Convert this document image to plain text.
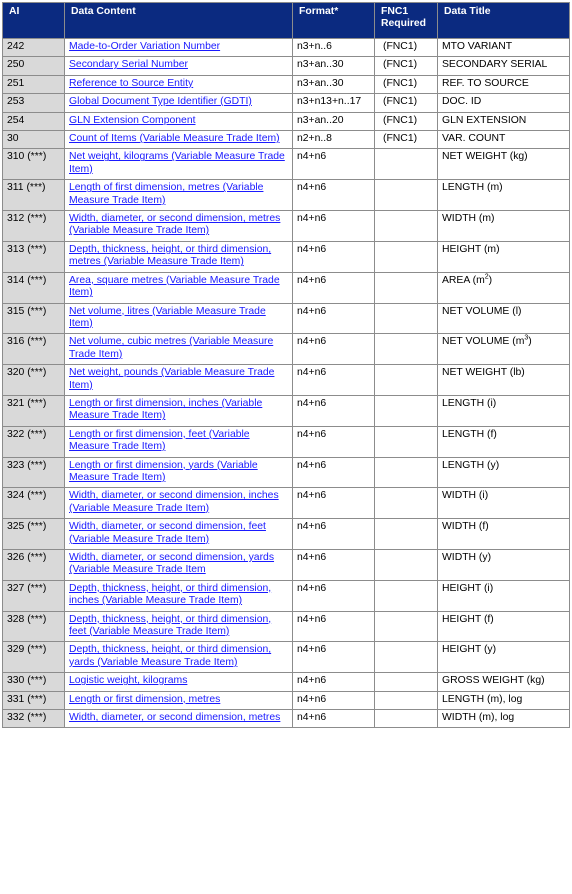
AI	Data Content	Format*	FNC1 Required	Data Title
242	Made-to-Order Variation Number	n3+n..6	(FNC1)	MTO VARIANT
250	Secondary Serial Number	n3+an..30	(FNC1)	SECONDARY SERIAL
251	Reference to Source Entity	n3+an..30	(FNC1)	REF. TO SOURCE
253	Global Document Type Identifier (GDTI)	n3+n13+n..17	(FNC1)	DOC. ID
254	GLN Extension Component	n3+an..20	(FNC1)	GLN EXTENSION
30	Count of Items (Variable Measure Trade Item)	n2+n..8	(FNC1)	VAR. COUNT
310 (***)	Net weight, kilograms (Variable Measure Trade Item)	n4+n6		NET WEIGHT (kg)
311 (***)	Length of first dimension, metres (Variable Measure Trade Item)	n4+n6		LENGTH (m)
312 (***)	Width, diameter, or second dimension, metres (Variable Measure Trade Item)	n4+n6		WIDTH (m)
313 (***)	Depth, thickness, height, or third dimension, metres (Variable Measure Trade Item)	n4+n6		HEIGHT (m)
314 (***)	Area, square metres (Variable Measure Trade Item)	n4+n6		AREA $(m^2)$
315 (***)	Net volume, litres (Variable Measure Trade Item)	n4+n6		NET VOLUME (l)
316 (***)	Net volume, cubic metres (Variable Measure Trade Item)	n4+n6		NET VOLUME $(m^3)$
320 (***)	Net weight, pounds (Variable Measure Trade Item)	n4+n6		NET WEIGHT (lb)
321 (***)	Length or first dimension, inches (Variable Measure Trade Item)	n4+n6		LENGTH (i)
322 (***)	Length or first dimension, feet (Variable Measure Trade Item)	n4+n6		LENGTH (f)
323 (***)	Length or first dimension, yards (Variable Measure Trade Item)	n4+n6		LENGTH (y)
324 (***)	Width, diameter, or second dimension, inches (Variable Measure Trade Item)	n4+n6		WIDTH (i)
325 (***)	Width, diameter, or second dimension, feet (Variable Measure Trade Item)	n4+n6		WIDTH (f)
326 (***)	Width, diameter, or second dimension, yards (Variable Measure Trade Item	n4+n6		WIDTH (y)
327 (***)	Depth, thickness, height, or third dimension, inches (Variable Measure Trade Item)	n4+n6		HEIGHT (i)
328 (***)	Depth, thickness, height, or third dimension, feet (Variable Measure Trade Item)	n4+n6		HEIGHT (f)
329 (***)	Depth, thickness, height, or third dimension, yards (Variable Measure Trade Item)	n4+n6		HEIGHT (y)
330 (***)	Logistic weight, kilograms	n4+n6		GROSS WEIGHT (kg)
331 (***)	Length or first dimension, metres	n4+n6		LENGTH (m), log
332 (***)	Width, diameter, or second dimension, metres	n4+n6		WIDTH (m), log
